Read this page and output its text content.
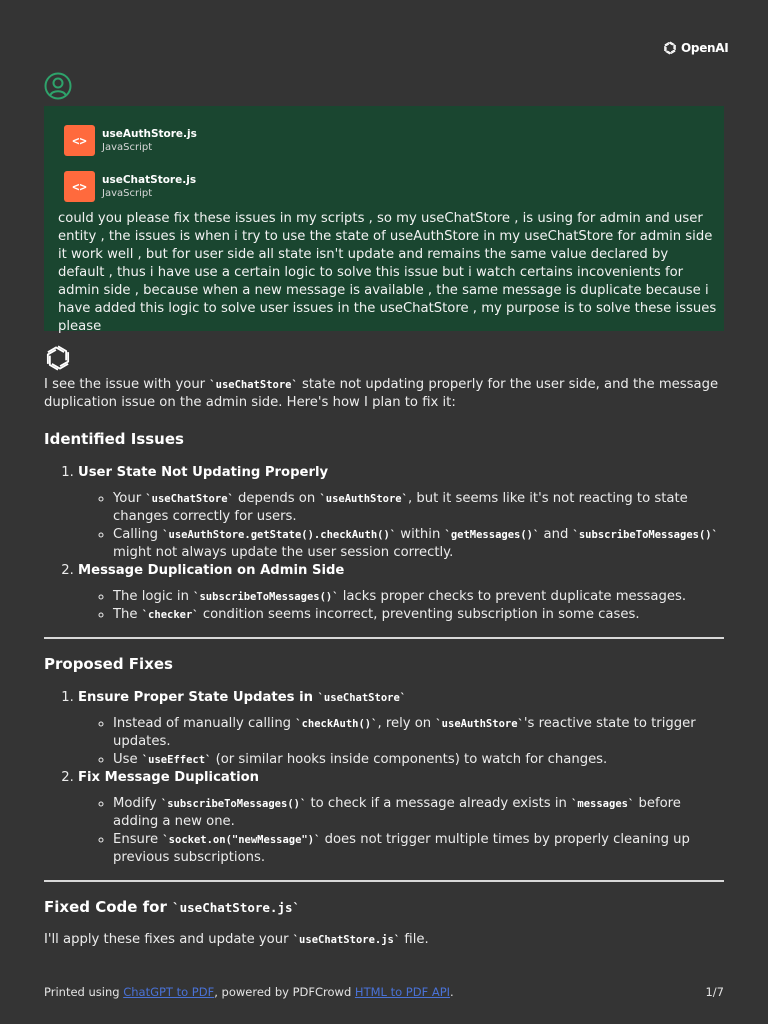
OpenAI
<>	useAuthStore.js
JavaScript
<>	useChatStore.js
JavaScript

could you please fix these issues in my scripts , so my useChatStore , is using for admin and user entity , the issues is when i try to use the state of useAuthStore in my useChatStore for admin side it work well , but for user side all state isn't update and remains the same value declared by default , thus i have use a certain logic to solve this issue but i watch certains incovenients for admin side , because when a new message is available , the same message is duplicate because i have added this logic to solve user issues in the useChatStore , my purpose is to solve these issues please

I see the issue with your `useChatStore` state not updating properly for the user side, and the message duplication issue on the admin side. Here's how I plan to fix it:

Identified Issues
1. User State Not Updating Properly
◦ Your `useChatStore` depends on `useAuthStore`, but it seems like it's not reacting to state changes correctly for users.
◦ Calling `useAuthStore.getState().checkAuth()` within `getMessages()` and `subscribeToMessages()` might not always update the user session correctly.
2. Message Duplication on Admin Side
◦ The logic in `subscribeToMessages()` lacks proper checks to prevent duplicate messages.
◦ The `checker` condition seems incorrect, preventing subscription in some cases.
Proposed Fixes
1. Ensure Proper State Updates in `useChatStore`
◦ Instead of manually calling `checkAuth()`, rely on `useAuthStore`'s reactive state to trigger updates.
◦ Use `useEffect` (or similar hooks inside components) to watch for changes.
2. Fix Message Duplication
◦ Modify `subscribeToMessages()` to check if a message already exists in `messages` before adding a new one.
◦ Ensure `socket.on("newMessage")` does not trigger multiple times by properly cleaning up previous subscriptions.
Fixed Code for `useChatStore.js`

I'll apply these fixes and update your `useChatStore.js` file.

Printed using ChatGPT to PDF, powered by PDFCrowd HTML to PDF API.	1/7
